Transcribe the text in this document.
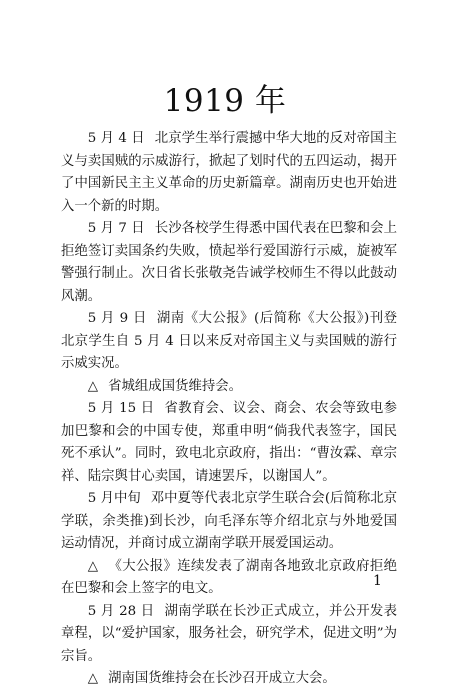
1919 年

5 月 4 日 北京学生举行震撼中华大地的反对帝国主义与卖国贼的示威游行，掀起了划时代的五四运动，揭开了中国新民主主义革命的历史新篇章。湖南历史也开始进入一个新的时期。

5 月 7 日 长沙各校学生得悉中国代表在巴黎和会上拒绝签订卖国条约失败，愤起举行爱国游行示威，旋被军警强行制止。次日省长张敬尧告诫学校师生不得以此鼓动风潮。

5 月 9 日 湖南《大公报》(后简称《大公报》)刊登北京学生自 5 月 4 日以来反对帝国主义与卖国贼的游行示威实况。

△ 省城组成国货维持会。

5 月 15 日 省教育会、议会、商会、农会等致电参加巴黎和会的中国专使，郑重申明“倘我代表签字，国民死不承认”。同时，致电北京政府，指出：“曹汝霖、章宗祥、陆宗舆甘心卖国，请速罢斥，以谢国人”。

5 月中旬 邓中夏等代表北京学生联合会(后简称北京学联，余类推)到长沙，向毛泽东等介绍北京与外地爱国运动情况，并商讨成立湖南学联开展爱国运动。

△ 《大公报》连续发表了湖南各地致北京政府拒绝在巴黎和会上签字的电文。

5 月 28 日 湖南学联在长沙正式成立，并公开发表章程，以“爱护国家，服务社会，研究学术，促进文明”为宗旨。

△ 湖南国货维持会在长沙召开成立大会。

1
